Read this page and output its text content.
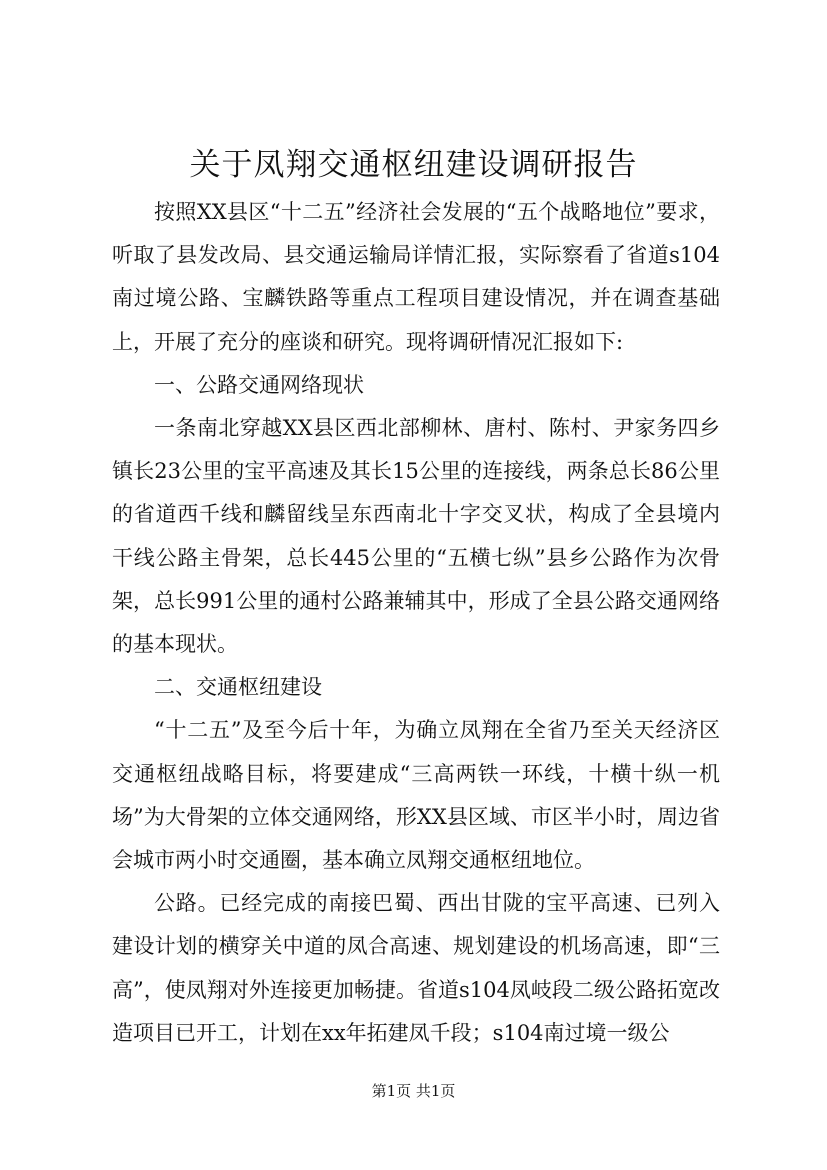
关于凤翔交通枢纽建设调研报告

按照XX县区“十二五”经济社会发展的“五个战略地位”要求，听取了县发改局、县交通运输局详情汇报，实际察看了省道s104南过境公路、宝麟铁路等重点工程项目建设情况，并在调查基础上，开展了充分的座谈和研究。现将调研情况汇报如下:

一、公路交通网络现状

一条南北穿越XX县区西北部柳林、唐村、陈村、尹家务四乡镇长23公里的宝平高速及其长15公里的连接线，两条总长86公里的省道西千线和麟留线呈东西南北十字交叉状，构成了全县境内干线公路主骨架，总长445公里的“五横七纵”县乡公路作为次骨架，总长991公里的通村公路兼辅其中，形成了全县公路交通网络的基本现状。

二、交通枢纽建设

“十二五”及至今后十年，为确立凤翔在全省乃至关天经济区交通枢纽战略目标，将要建成“三高两铁一环线，十横十纵一机场”为大骨架的立体交通网络，形XX县区域、市区半小时，周边省会城市两小时交通圈，基本确立凤翔交通枢纽地位。

公路。已经完成的南接巴蜀、西出甘陇的宝平高速、已列入建设计划的横穿关中道的凤合高速、规划建设的机场高速，即“三高”，使凤翔对外连接更加畅捷。省道s104凤岐段二级公路拓宽改造项目已开工，计划在xx年拓建凤千段；s104南过境一级公

第1页 共1页
